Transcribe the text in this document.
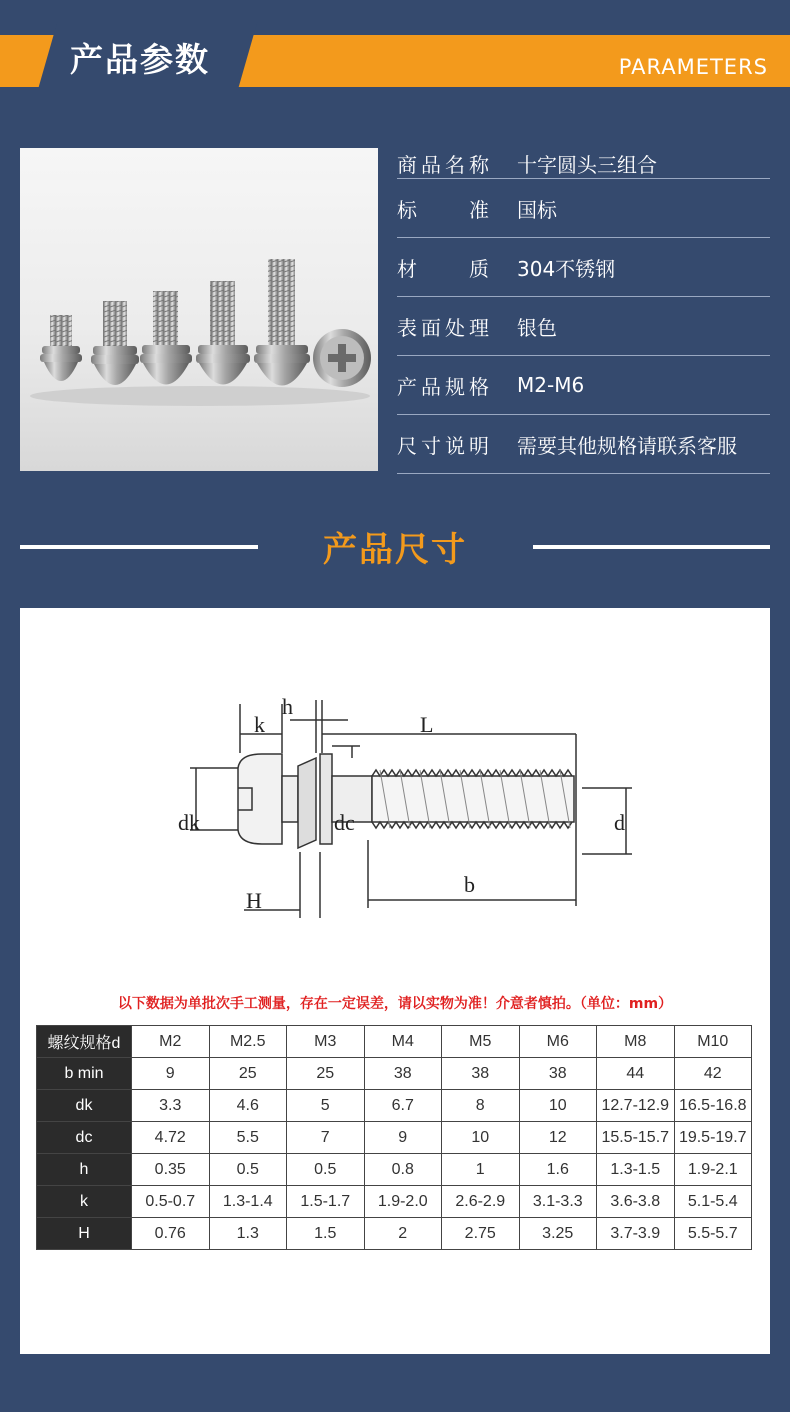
产品参数	PARAMETERS
商品名称 十字圆头三组合
标准 国标
材质 304不锈钢
表面处理 银色
产品规格 M2-M6
尺寸说明 需要其他规格请联系客服
产品尺寸
k
h
L
dk	dc	d
b
H
以下数据为单批次手工测量，存在一定误差，请以实物为准！介意者慎拍。（单位：mm）
螺纹规格d	M2	M2.5	M3	M4	M5	M6	M8	M10
b min	9	25	25	38	38	38	44	42
dk	3.3	4.6	5	6.7	8	10	12.7-12.9	16.5-16.8
dc	4.72	5.5	7	9	10	12	15.5-15.7	19.5-19.7
h	0.35	0.5	0.5	0.8	1	1.6	1.3-1.5	1.9-2.1
k	0.5-0.7	1.3-1.4	1.5-1.7	1.9-2.0	2.6-2.9	3.1-3.3	3.6-3.8	5.1-5.4
H	0.76	1.3	1.5	2	2.75	3.25	3.7-3.9	5.5-5.7
